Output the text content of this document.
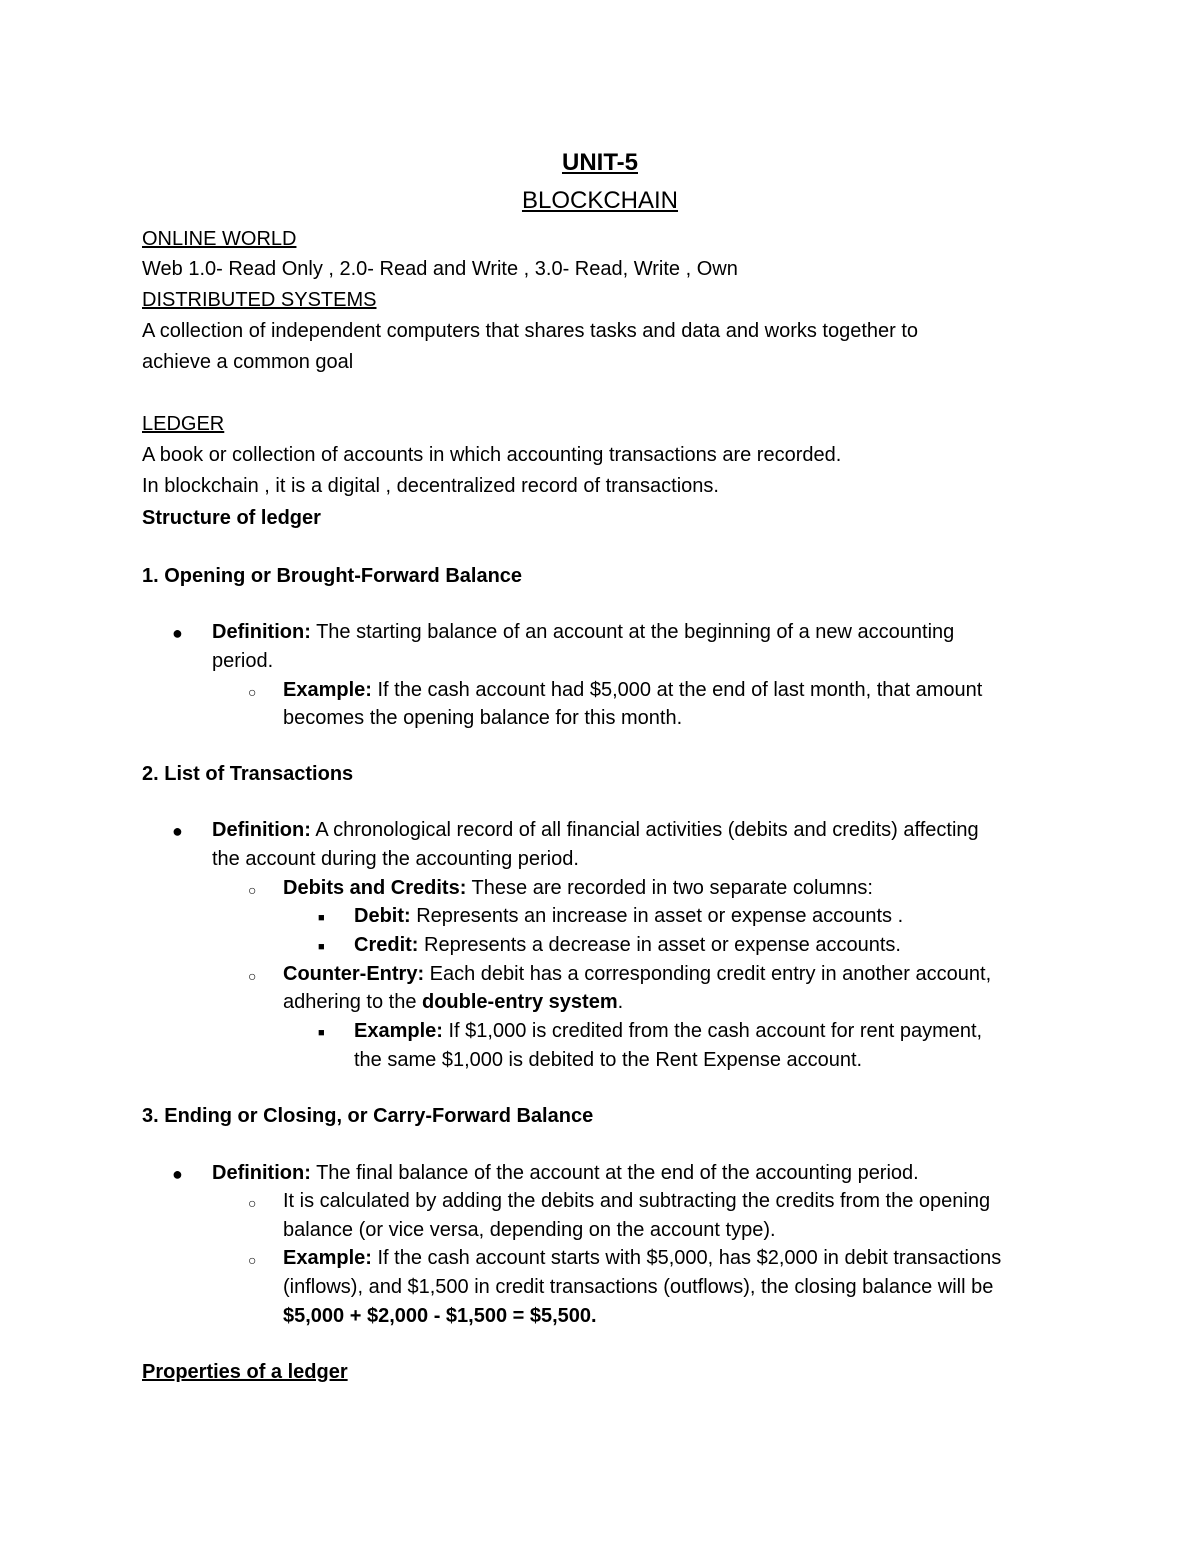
UNIT-5
BLOCKCHAIN
ONLINE WORLD
Web 1.0- Read Only , 2.0- Read and Write , 3.0- Read, Write , Own
DISTRIBUTED SYSTEMS
A collection of independent computers that shares tasks and data and works together to
achieve a common goal
LEDGER
A book or collection of accounts in which accounting transactions are recorded.
In blockchain , it is a digital , decentralized record of transactions.
Structure of ledger
1. Opening or Brought-Forward Balance
● Definition: The starting balance of an account at the beginning of a new accounting
period.
○ Example: If the cash account had $5,000 at the end of last month, that amount
becomes the opening balance for this month.
2. List of Transactions
● Definition: A chronological record of all financial activities (debits and credits) affecting
the account during the accounting period.
○ Debits and Credits: These are recorded in two separate columns:
■ Debit: Represents an increase in asset or expense accounts .
■ Credit: Represents a decrease in asset or expense accounts.
○ Counter-Entry: Each debit has a corresponding credit entry in another account,
adhering to the double-entry system.
■ Example: If $1,000 is credited from the cash account for rent payment,
the same $1,000 is debited to the Rent Expense account.
3. Ending or Closing, or Carry-Forward Balance
● Definition: The final balance of the account at the end of the accounting period.
○ It is calculated by adding the debits and subtracting the credits from the opening
balance (or vice versa, depending on the account type).
○ Example: If the cash account starts with $5,000, has $2,000 in debit transactions
(inflows), and $1,500 in credit transactions (outflows), the closing balance will be
$5,000 + $2,000 - $1,500 = $5,500.
Properties of a ledger
